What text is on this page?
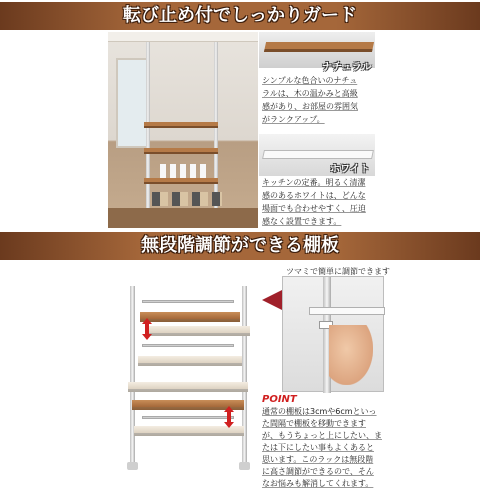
転び止め付でしっかりガード
ナチュラル
シンプルな色合いのナチュ
ラルは、木の温かみと高級
感があり、お部屋の雰囲気
がランクアップ。
ホワイト
キッチンの定番。明るく清潔
感のあるホワイトは、どんな
場面でも合わせやすく、圧迫
感なく設置できます。
無段階調節ができる棚板
ツマミで簡単に調節できます
POINT
通常の棚板は3cmや6cmといっ
た間隔で棚板を移動できます
が、もうちょっと上にしたい、ま
たは下にしたい事もよくあると
思います。このラックは無段階
に高さ調節ができるので、そん
なお悩みも解消してくれます。
